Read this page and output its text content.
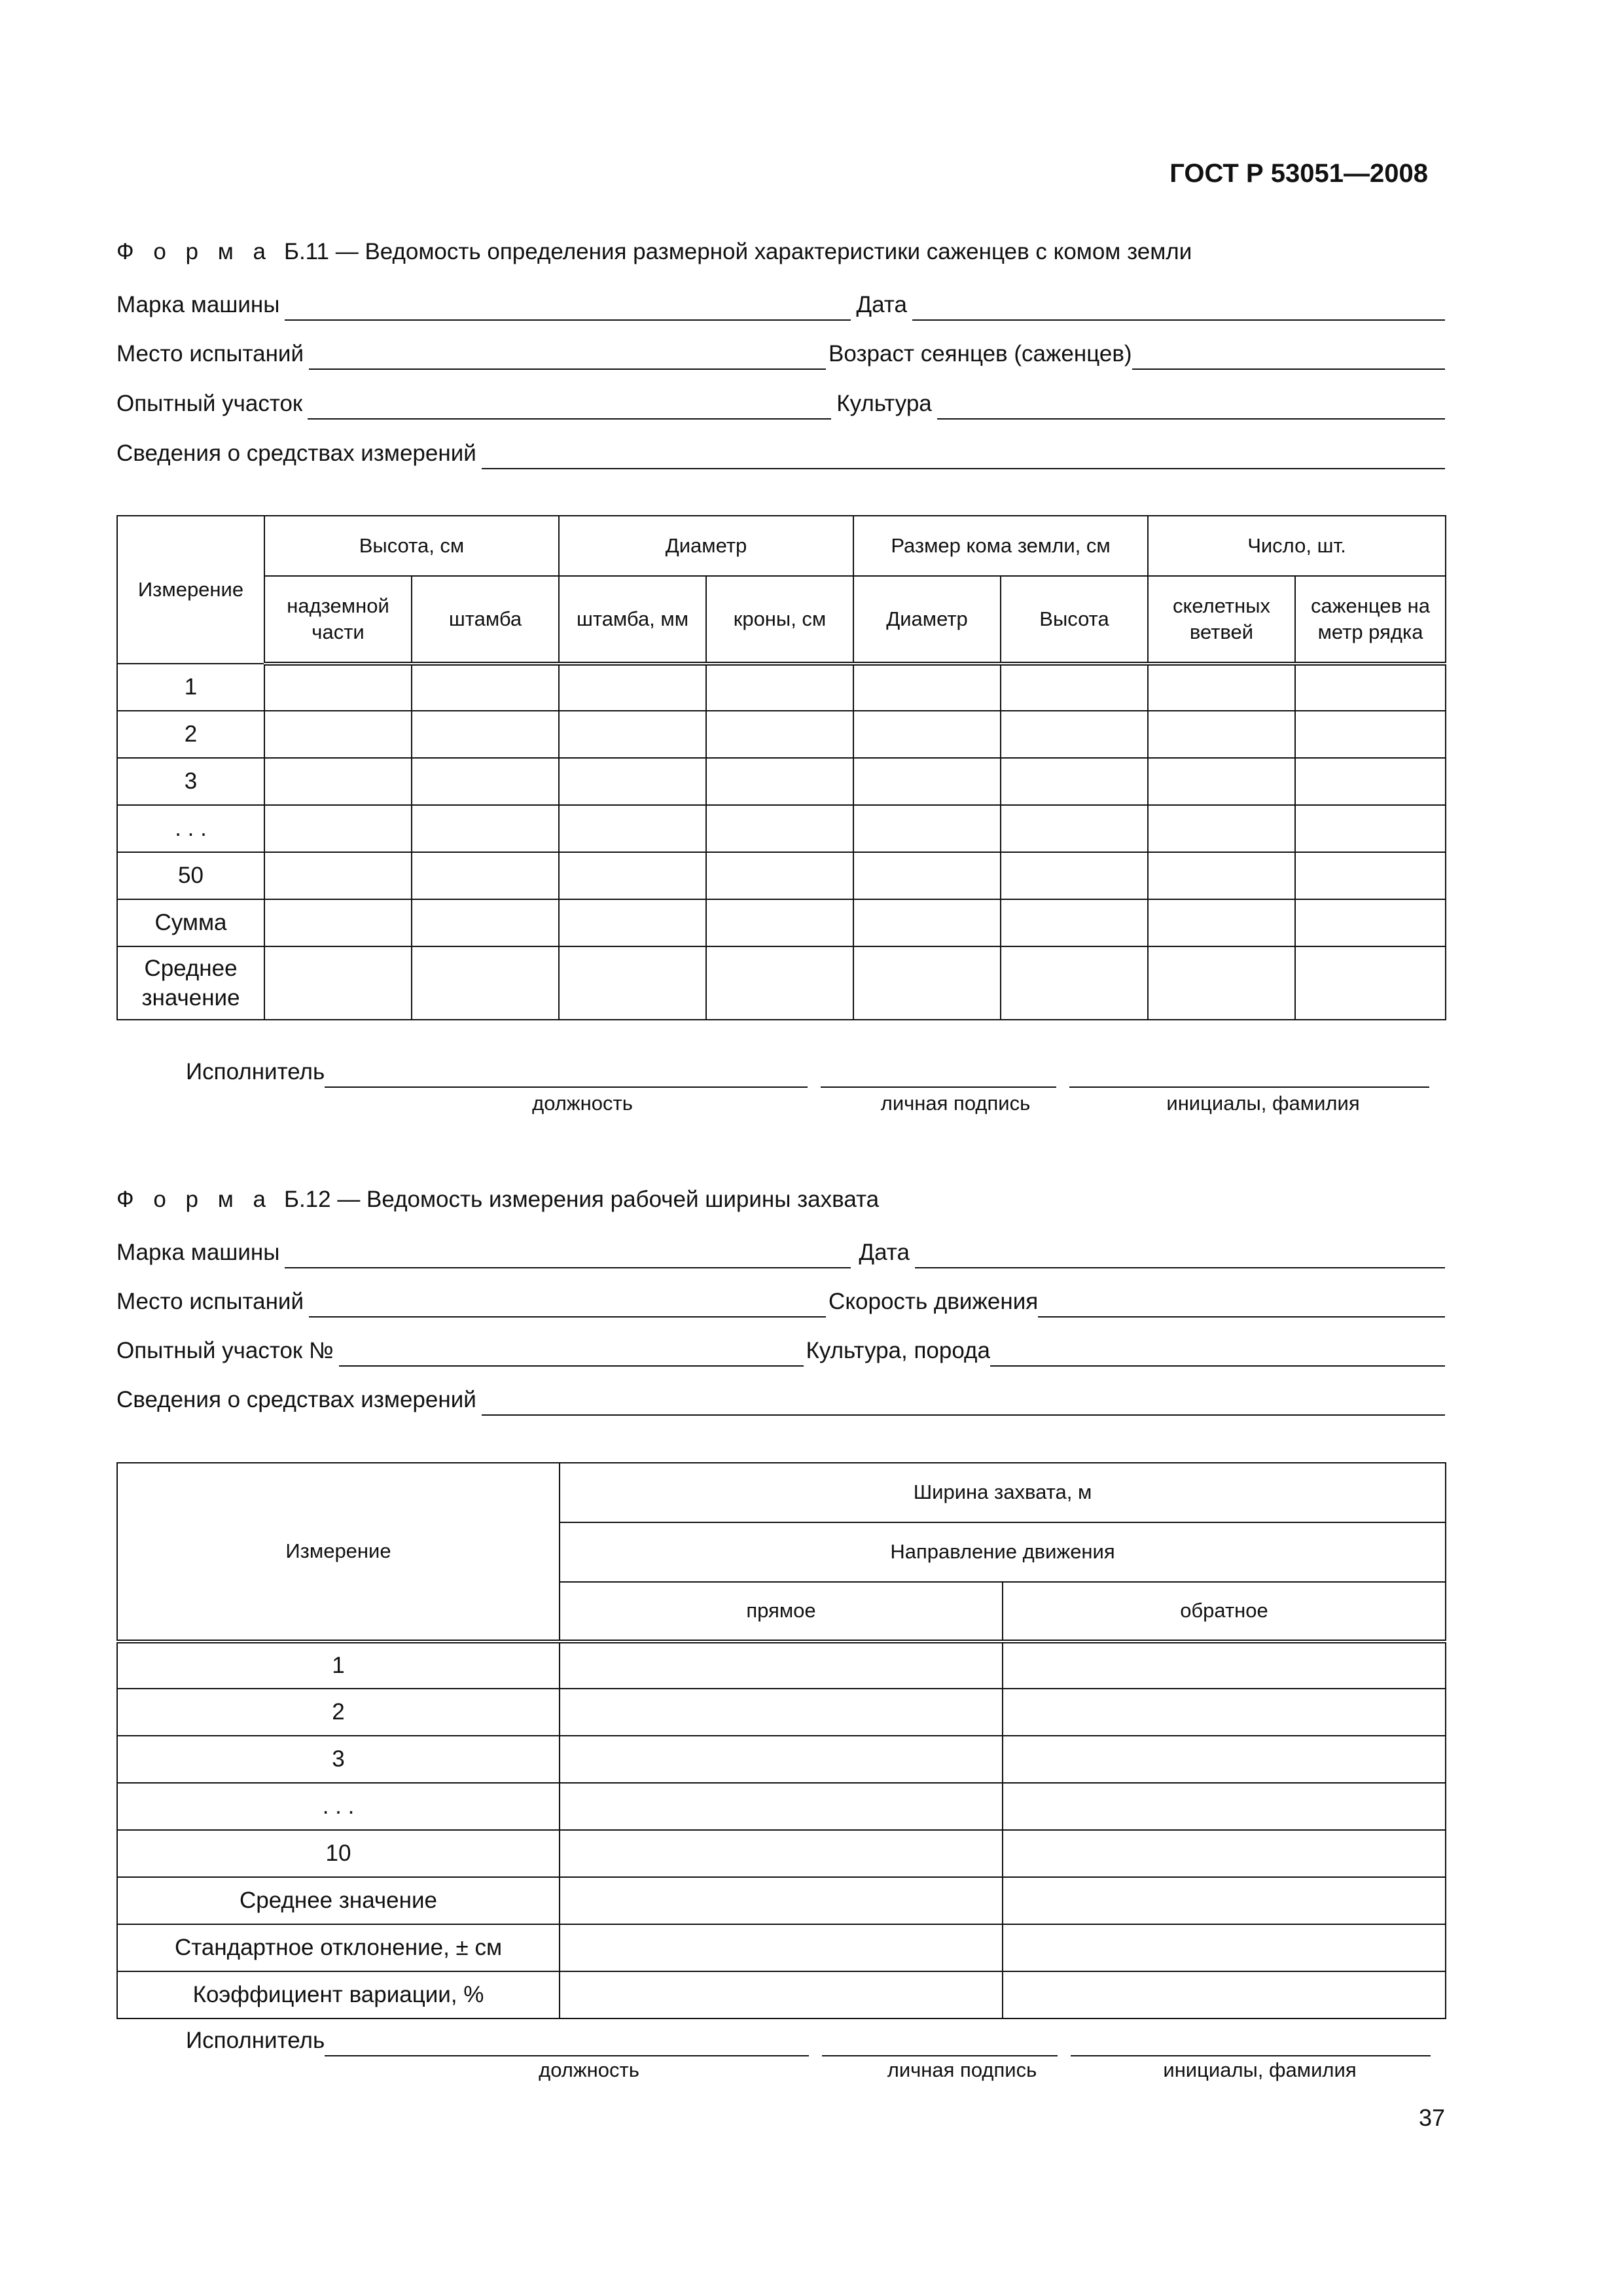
ГОСТ Р 53051—2008
Ф о р м а Б.11 — Ведомость определения размерной характеристики саженцев с комом земли
Марка машины	Дата
Место испытаний	Возраст сеянцев (саженцев)
Опытный участок	Культура
Сведения о средствах измерений
Измерение	Высота, см		Диаметр		Размер кома земли, см		Число, шт.	
	надземной части	штамба	штамба, мм	кроны, см	Диаметр	Высота	скелетных ветвей	саженцев на метр рядка
1								
2								
3								
. . .								
50								
Сумма								
Среднее значение								
Исполнитель
должность	личная подпись	инициалы, фамилия
Ф о р м а Б.12 — Ведомость измерения рабочей ширины захвата
Марка машины	Дата
Место испытаний	Скорость движения
Опытный участок №	Культура, порода
Сведения о средствах измерений
Измерение	Ширина захвата, м	
	Направление движения	
	прямое	обратное
1		
2		
3		
. . .		
10		
Среднее значение		
Стандартное отклонение, ± см		
Коэффициент вариации, %		
Исполнитель
должность	личная подпись	инициалы, фамилия
37
